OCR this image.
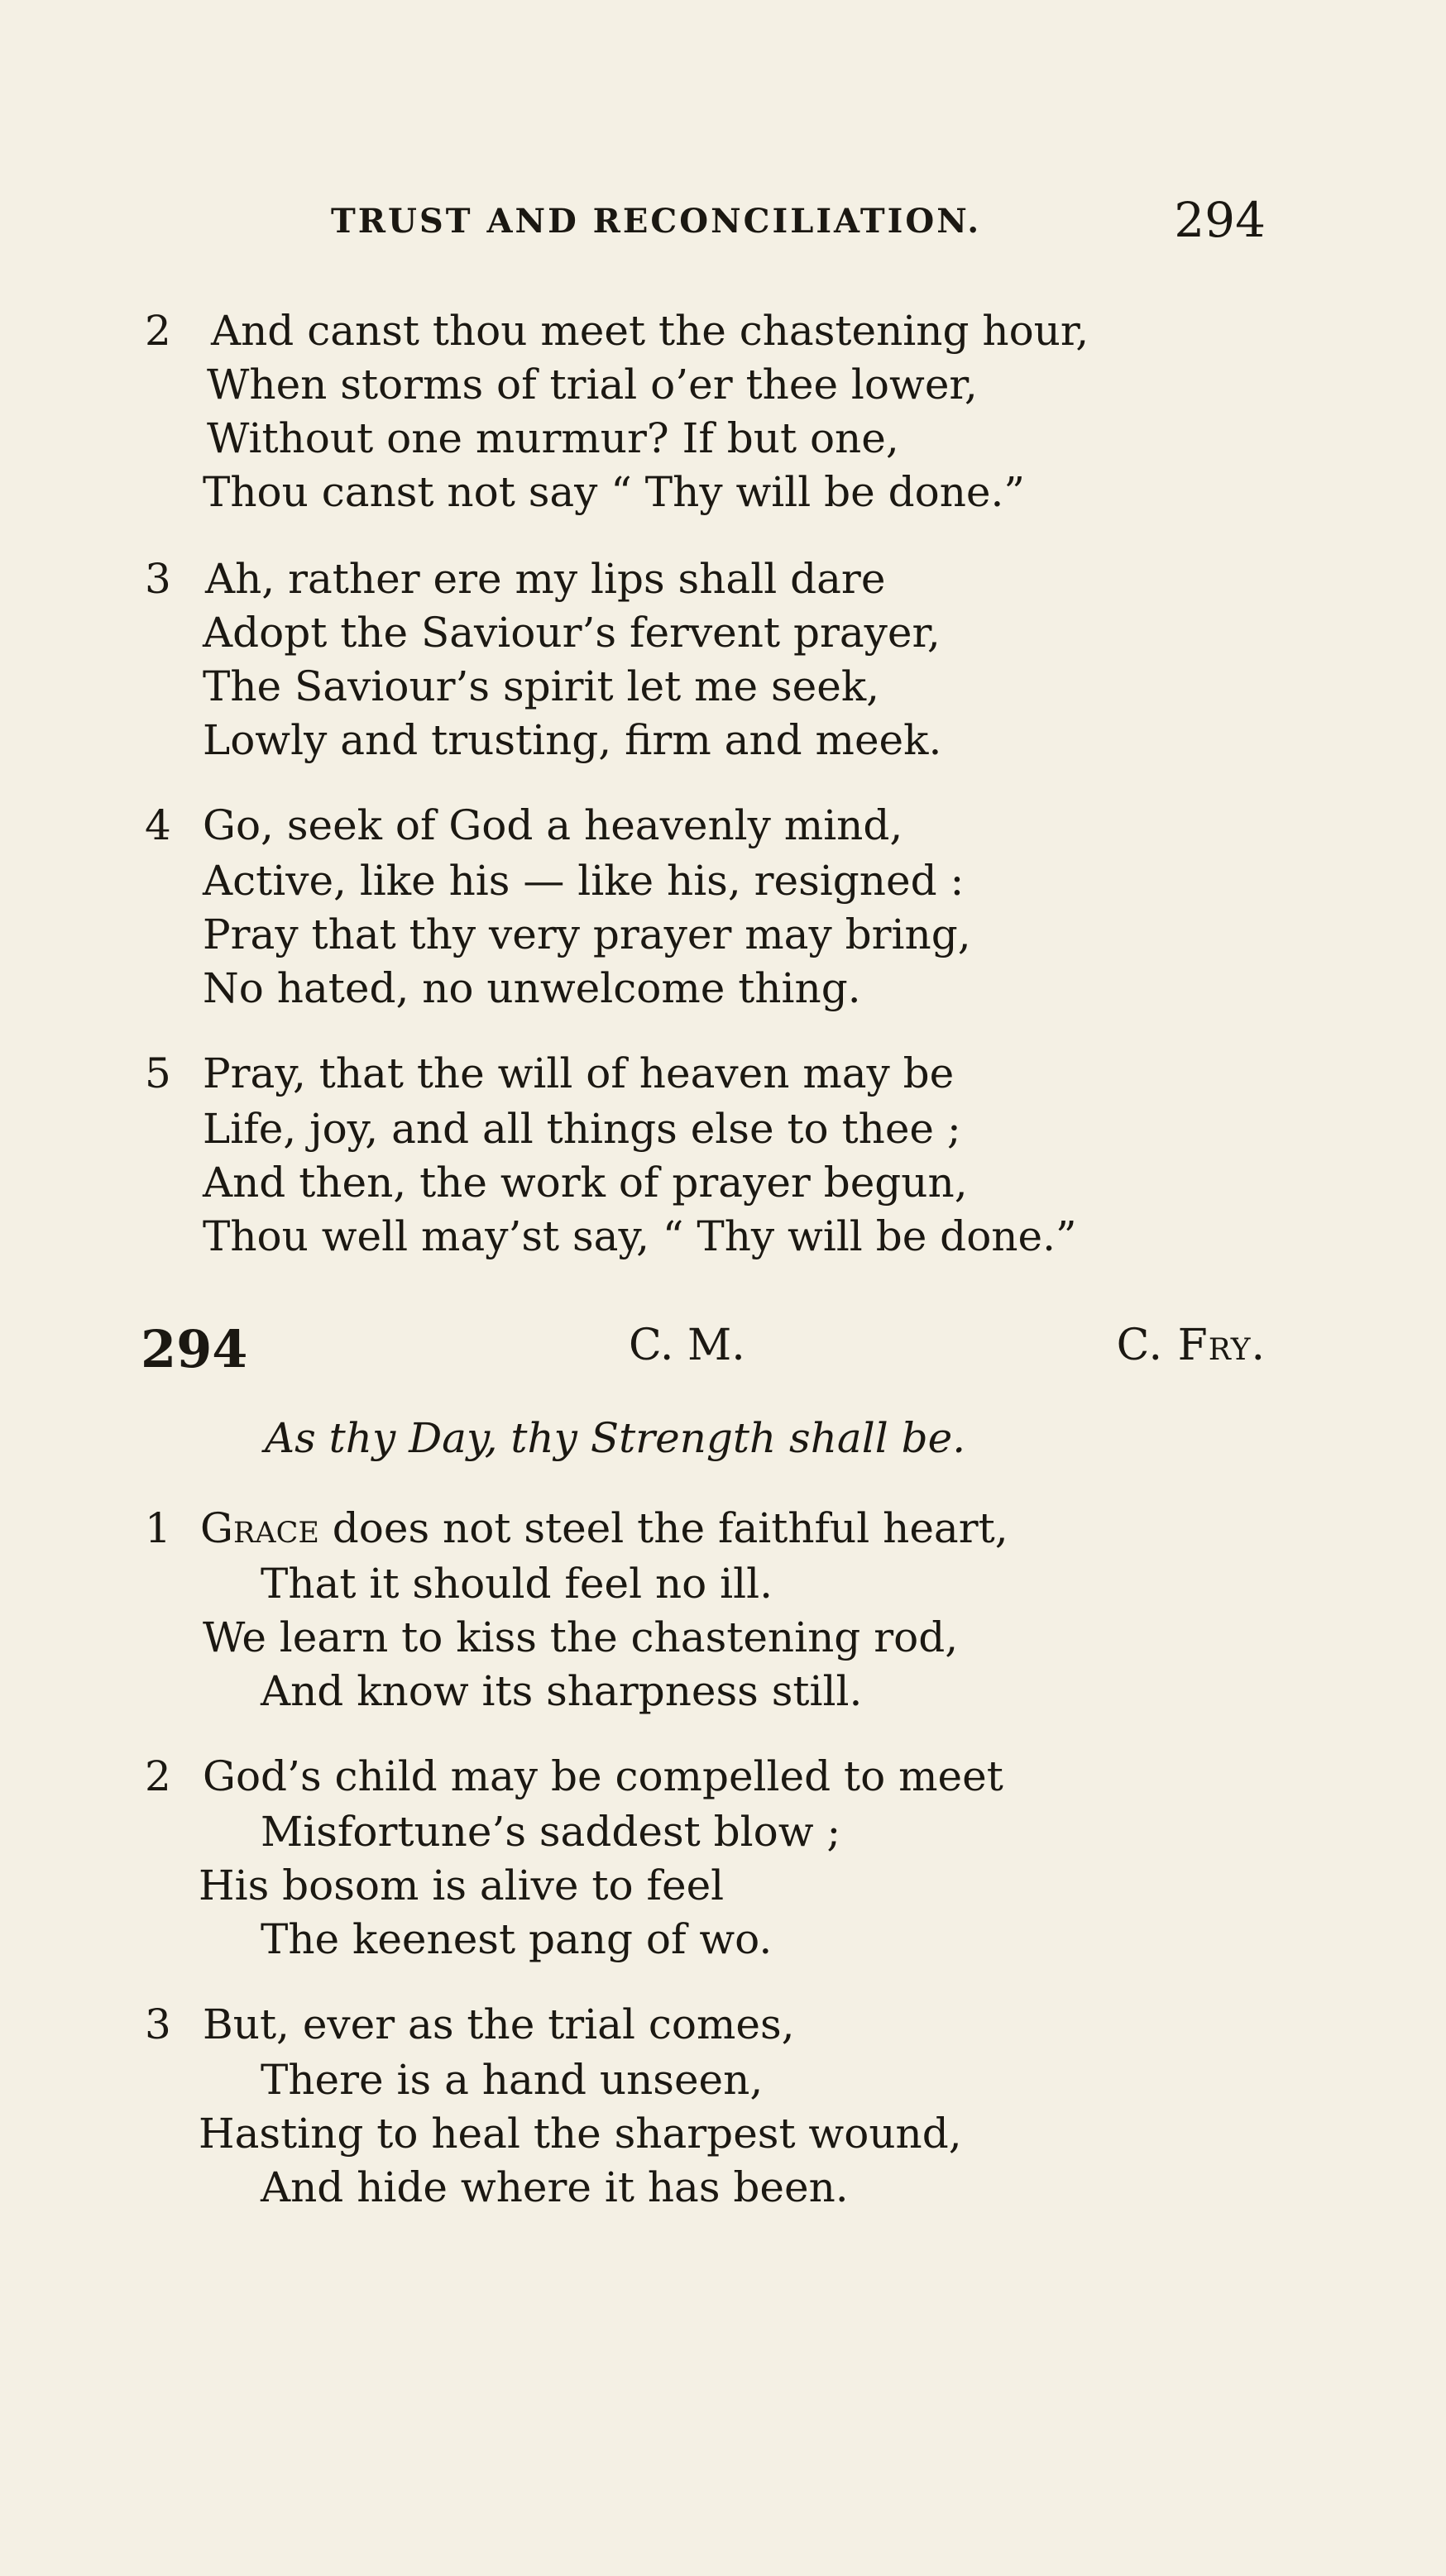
TRUST AND RECONCILIATION.	294
2 And canst thou meet the chastening hour,
When storms of trial o’er thee lower,
Without one murmur? If but one,
Thou canst not say “ Thy will be done.”
3 Ah, rather ere my lips shall dare
Adopt the Saviour’s fervent prayer,
The Saviour’s spirit let me seek,
Lowly and trusting, firm and meek.
4 Go, seek of God a heavenly mind,
Active, like his — like his, resigned :
Pray that thy very prayer may bring,
No hated, no unwelcome thing.
5 Pray, that the will of heaven may be
Life, joy, and all things else to thee ;
And then, the work of prayer begun,
Thou well may’st say, “ Thy will be done.”
294	C. M.	C. Fry.
As thy Day, thy Strength shall be.
1 Grace does not steel the faithful heart,
That it should feel no ill.
We learn to kiss the chastening rod,
And know its sharpness still.
2 God’s child may be compelled to meet
Misfortune’s saddest blow ;
His bosom is alive to feel
The keenest pang of wo.
3 But, ever as the trial comes,
There is a hand unseen,
Hasting to heal the sharpest wound,
And hide where it has been.
